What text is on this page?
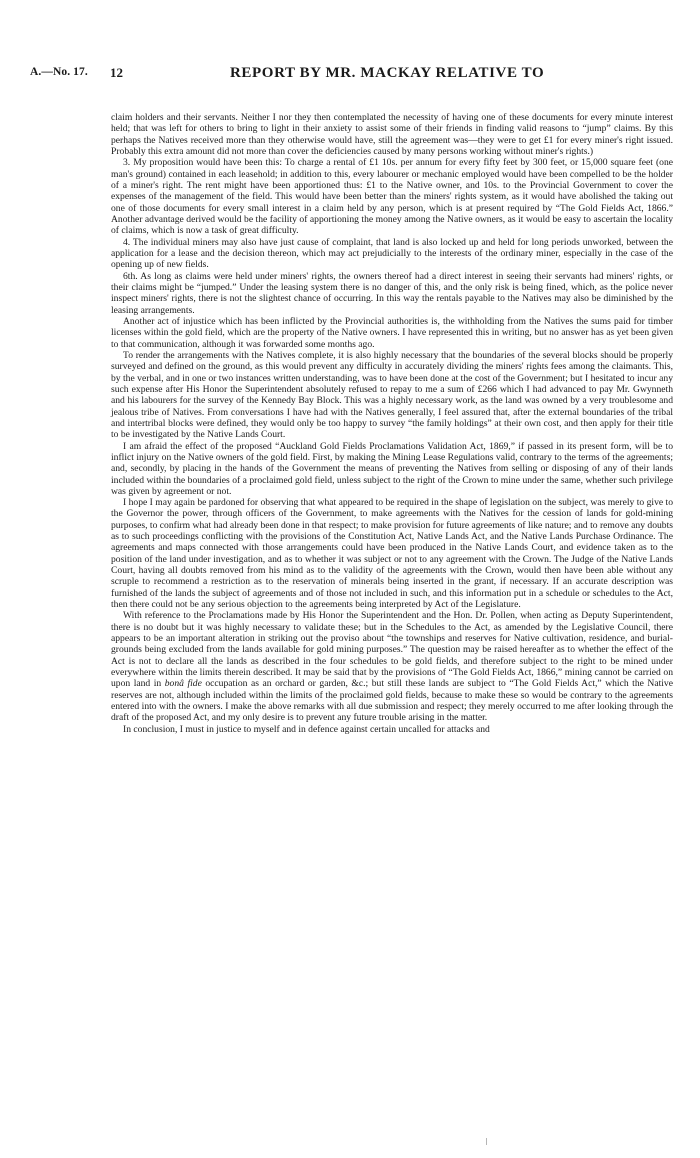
A.—No. 17. 12	REPORT BY MR. MACKAY RELATIVE TO

claim holders and their servants. Neither I nor they then contemplated the necessity of having one of these documents for every minute interest held; that was left for others to bring to light in their anxiety to assist some of their friends in finding valid reasons to “jump” claims. By this perhaps the Natives received more than they otherwise would have, still the agreement was—they were to get £1 for every miner's right issued. Probably this extra amount did not more than cover the deficiencies caused by many persons working without miner's rights.)

3. My proposition would have been this: To charge a rental of £1 10s. per annum for every fifty feet by 300 feet, or 15,000 square feet (one man's ground) contained in each leasehold; in addition to this, every labourer or mechanic employed would have been compelled to be the holder of a miner's right. The rent might have been apportioned thus: £1 to the Native owner, and 10s. to the Provincial Government to cover the expenses of the management of the field. This would have been better than the miners' rights system, as it would have abolished the taking out one of those documents for every small interest in a claim held by any person, which is at present required by “The Gold Fields Act, 1866.” Another advantage derived would be the facility of apportioning the money among the Native owners, as it would be easy to ascertain the locality of claims, which is now a task of great difficulty.

4. The individual miners may also have just cause of complaint, that land is also locked up and held for long periods unworked, between the application for a lease and the decision thereon, which may act prejudicially to the interests of the ordinary miner, especially in the case of the opening up of new fields.

6th. As long as claims were held under miners' rights, the owners thereof had a direct interest in seeing their servants had miners' rights, or their claims might be “jumped.” Under the leasing system there is no danger of this, and the only risk is being fined, which, as the police never inspect miners' rights, there is not the slightest chance of occurring. In this way the rentals payable to the Natives may also be diminished by the leasing arrangements.

Another act of injustice which has been inflicted by the Provincial authorities is, the withholding from the Natives the sums paid for timber licenses within the gold field, which are the property of the Native owners. I have represented this in writing, but no answer has as yet been given to that communication, although it was forwarded some months ago.

To render the arrangements with the Natives complete, it is also highly necessary that the boundaries of the several blocks should be properly surveyed and defined on the ground, as this would prevent any difficulty in accurately dividing the miners' rights fees among the claimants. This, by the verbal, and in one or two instances written understanding, was to have been done at the cost of the Government; but I hesitated to incur any such expense after His Honor the Superintendent absolutely refused to repay to me a sum of £266 which I had advanced to pay Mr. Gwynneth and his labourers for the survey of the Kennedy Bay Block. This was a highly necessary work, as the land was owned by a very troublesome and jealous tribe of Natives. From conversations I have had with the Natives generally, I feel assured that, after the external boundaries of the tribal and intertribal blocks were defined, they would only be too happy to survey “the family holdings” at their own cost, and then apply for their title to be investigated by the Native Lands Court.

I am afraid the effect of the proposed “Auckland Gold Fields Proclamations Validation Act, 1869,” if passed in its present form, will be to inflict injury on the Native owners of the gold field. First, by making the Mining Lease Regulations valid, contrary to the terms of the agreements; and, secondly, by placing in the hands of the Government the means of preventing the Natives from selling or disposing of any of their lands included within the boundaries of a proclaimed gold field, unless subject to the right of the Crown to mine under the same, whether such privilege was given by agreement or not.

I hope I may again be pardoned for observing that what appeared to be required in the shape of legislation on the subject, was merely to give to the Governor the power, through officers of the Government, to make agreements with the Natives for the cession of lands for gold-mining purposes, to confirm what had already been done in that respect; to make provision for future agreements of like nature; and to remove any doubts as to such proceedings conflicting with the provisions of the Constitution Act, Native Lands Act, and the Native Lands Purchase Ordinance. The agreements and maps connected with those arrangements could have been produced in the Native Lands Court, and evidence taken as to the position of the land under investigation, and as to whether it was subject or not to any agreement with the Crown. The Judge of the Native Lands Court, having all doubts removed from his mind as to the validity of the agreements with the Crown, would then have been able without any scruple to recommend a restriction as to the reservation of minerals being inserted in the grant, if necessary. If an accurate description was furnished of the lands the subject of agreements and of those not included in such, and this information put in a schedule or schedules to the Act, then there could not be any serious objection to the agreements being interpreted by Act of the Legislature.

With reference to the Proclamations made by His Honor the Superintendent and the Hon. Dr. Pollen, when acting as Deputy Superintendent, there is no doubt but it was highly necessary to validate these; but in the Schedules to the Act, as amended by the Legislative Council, there appears to be an important alteration in striking out the proviso about “the townships and reserves for Native cultivation, residence, and burial-grounds being excluded from the lands available for gold mining purposes.” The question may be raised hereafter as to whether the effect of the Act is not to declare all the lands as described in the four schedules to be gold fields, and therefore subject to the right to be mined under everywhere within the limits therein described. It may be said that by the provisions of “The Gold Fields Act, 1866,” mining cannot be carried on upon land in bonâ fide occupation as an orchard or garden, &c.; but still these lands are subject to “The Gold Fields Act,” which the Native reserves are not, although included within the limits of the proclaimed gold fields, because to make these so would be contrary to the agreements entered into with the owners. I make the above remarks with all due submission and respect; they merely occurred to me after looking through the draft of the proposed Act, and my only desire is to prevent any future trouble arising in the matter.

In conclusion, I must in justice to myself and in defence against certain uncalled for attacks and
